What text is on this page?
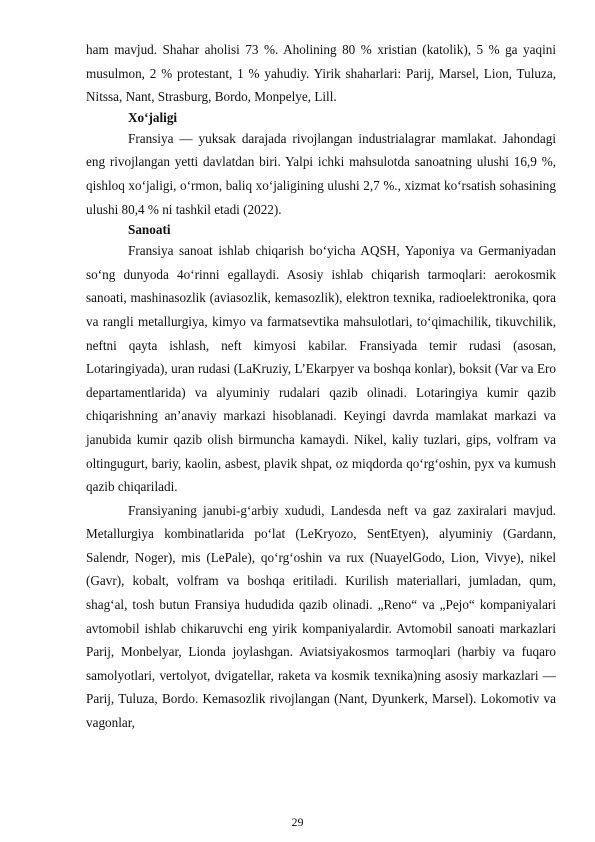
ham mavjud. Shahar aholisi 73 %. Aholining 80 % xristian (katolik), 5 % ga yaqini musulmon, 2 % protestant, 1 % yahudiy. Yirik shaharlari: Parij, Marsel, Lion, Tuluza, Nitssa, Nant, Strasburg, Bordo, Monpelye, Lill.

Xo‘jaligi

Fransiya — yuksak darajada rivojlangan industrialagrar mamlakat. Jahondagi eng rivojlangan yetti davlatdan biri. Yalpi ichki mahsulotda sanoatning ulushi 16,9 %, qishloq xo‘jaligi, o‘rmon, baliq xo‘jaligining ulushi 2,7 %., xizmat ko‘rsatish sohasining ulushi 80,4 % ni tashkil etadi (2022).

Sanoati

Fransiya sanoat ishlab chiqarish bo‘yicha AQSH, Yaponiya va Germaniyadan so‘ng dunyoda 4o‘rinni egallaydi. Asosiy ishlab chiqarish tarmoqlari: aerokosmik sanoati, mashinasozlik (aviasozlik, kemasozlik), elektron texnika, radioelektronika, qora va rangli metallurgiya, kimyo va farmatsevtika mahsulotlari, to‘qimachilik, tikuvchilik, neftni qayta ishlash, neft kimyosi kabilar. Fransiyada temir rudasi (asosan, Lotaringiyada), uran rudasi (LaKruziy, L’Ekarpyer va boshqa konlar), boksit (Var va Ero departamentlarida) va alyuminiy rudalari qazib olinadi. Lotaringiya kumir qazib chiqarishning an’anaviy markazi hisoblanadi. Keyingi davrda mamlakat markazi va janubida kumir qazib olish birmuncha kamaydi. Nikel, kaliy tuzlari, gips, volfram va oltingugurt, bariy, kaolin, asbest, plavik shpat, oz miqdorda qo‘rg‘oshin, pyx va kumush qazib chiqariladi.

Fransiyaning janubi-g‘arbiy xududi, Landesda neft va gaz zaxiralari mavjud. Metallurgiya kombinatlarida po‘lat (LeKryozo, SentEtyen), alyuminiy (Gardann, Salendr, Noger), mis (LePale), qo‘rg‘oshin va rux (NuayelGodo, Lion, Vivye), nikel (Gavr), kobalt, volfram va boshqa eritiladi. Kurilish materiallari, jumladan, qum, shag‘al, tosh butun Fransiya hududida qazib olinadi. „Reno“ va „Pejo“ kompaniyalari avtomobil ishlab chikaruvchi eng yirik kompaniyalardir. Avtomobil sanoati markazlari Parij, Monbelyar, Lionda joylashgan. Aviatsiyakosmos tarmoqlari (harbiy va fuqaro samolyotlari, vertolyot, dvigatellar, raketa va kosmik texnika)ning asosiy markazlari — Parij, Tuluza, Bordo. Kemasozlik rivojlangan (Nant, Dyunkerk, Marsel). Lokomotiv va vagonlar,

29
